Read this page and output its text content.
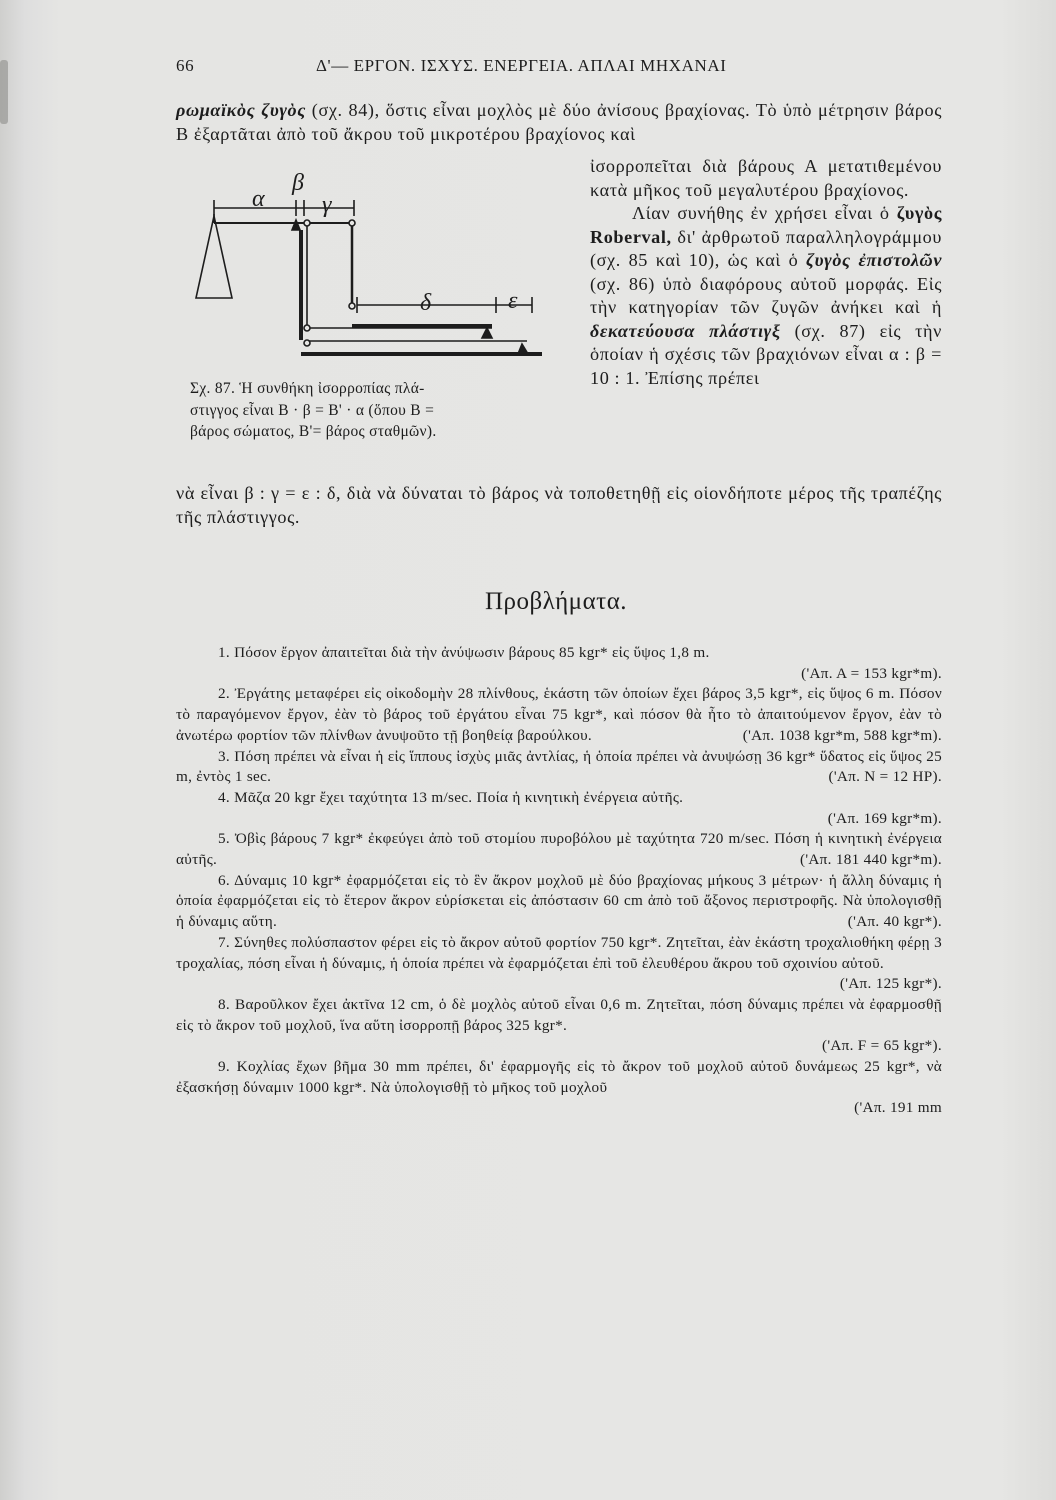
66	Δ'— ΕΡΓΟΝ. ΙΣΧΥΣ. ΕΝΕΡΓΕΙΑ. ΑΠΛΑΙ ΜΗΧΑΝΑΙ

ρωμαϊκὸς ζυγὸς (σχ. 84), ὅστις εἶναι μοχλὸς μὲ δύο ἀνίσους βραχίονας. Τὸ ὑπὸ μέτρησιν βάρος Β ἐξαρτᾶται ἀπὸ τοῦ ἄκρου τοῦ μικροτέρου βραχίονος καὶ

α
β
γ
δ	ε
Σχ. 87. Ἡ συνθήκη ἰσορροπίας πλά-
στιγγος εἶναι Β · β = Β' · α (ὅπου Β =
βάρος σώματος, Β'= βάρος σταθμῶν).

ἰσορροπεῖται διὰ βάρους Α μετατιθεμένου κατὰ μῆκος τοῦ μεγαλυτέρου βραχίονος.

Λίαν συνήθης ἐν χρήσει εἶναι ὁ ζυγὸς Roberval, δι' ἀρθρωτοῦ παραλληλογράμμου (σχ. 85 καὶ 10), ὡς καὶ ὁ ζυγὸς ἐπιστολῶν (σχ. 86) ὑπὸ διαφόρους αὐτοῦ μορφάς. Εἰς τὴν κατηγορίαν τῶν ζυγῶν ἀνήκει καὶ ἡ δεκατεύουσα πλάστιγξ (σχ. 87) εἰς τὴν ὁποίαν ἡ σχέσις τῶν βραχιόνων εἶναι α : β = 10 : 1. Ἐπίσης πρέπει

νὰ εἶναι β : γ = ε : δ, διὰ νὰ δύναται τὸ βάρος νὰ τοποθετηθῇ εἰς οἱονδήποτε μέρος τῆς τραπέζης τῆς πλάστιγγος.

Προβλήματα.

1. Πόσον ἔργον ἀπαιτεῖται διὰ τὴν ἀνύψωσιν βάρους 85 kgr* εἰς ὕψος 1,8 m.
('Απ. Α = 153 kgr*m).

2. Ἐργάτης μεταφέρει εἰς οἰκοδομὴν 28 πλίνθους, ἑκάστη τῶν ὁποίων ἔχει βάρος 3,5 kgr*, εἰς ὕψος 6 m. Πόσον τὸ παραγόμενον ἔργον, ἐὰν τὸ βάρος τοῦ ἐργάτου εἶναι 75 kgr*, καὶ πόσον θὰ ἦτο τὸ ἀπαιτούμενον ἔργον, ἐὰν τὸ ἀνωτέρω φορτίον τῶν πλίνθων ἀνυψοῦτο τῇ βοηθείᾳ βαρούλκου.	('Απ. 1038 kgr*m, 588 kgr*m).

3. Πόση πρέπει νὰ εἶναι ἡ εἰς ἵππους ἰσχὺς μιᾶς ἀντλίας, ἡ ὁποία πρέπει νὰ ἀνυψώσῃ 36 kgr* ὕδατος εἰς ὕψος 25 m, ἐντὸς 1 sec.	('Απ. Ν = 12 ΗΡ).

4. Μᾶζα 20 kgr ἔχει ταχύτητα 13 m/sec. Ποία ἡ κινητικὴ ἐνέργεια αὐτῆς.
('Απ. 169 kgr*m).

5. Ὀβὶς βάρους 7 kgr* ἐκφεύγει ἀπὸ τοῦ στομίου πυροβόλου μὲ ταχύτητα 720 m/sec. Πόση ἡ κινητικὴ ἐνέργεια αὐτῆς.	('Απ. 181 440 kgr*m).

6. Δύναμις 10 kgr* ἐφαρμόζεται εἰς τὸ ἓν ἄκρον μοχλοῦ μὲ δύο βραχίονας μήκους 3 μέτρων· ἡ ἄλλη δύναμις ἡ ὁποία ἐφαρμόζεται εἰς τὸ ἕτερον ἄκρον εὑρίσκεται εἰς ἀπόστασιν 60 cm ἀπὸ τοῦ ἄξονος περιστροφῆς. Νὰ ὑπολογισθῇ ἡ δύναμις αὕτη.	('Απ. 40 kgr*).

7. Σύνηθες πολύσπαστον φέρει εἰς τὸ ἄκρον αὐτοῦ φορτίον 750 kgr*. Ζητεῖται, ἐὰν ἑκάστη τροχαλιοθήκη φέρῃ 3 τροχαλίας, πόση εἶναι ἡ δύναμις, ἡ ὁποία πρέπει νὰ ἐφαρμόζεται ἐπὶ τοῦ ἐλευθέρου ἄκρου τοῦ σχοινίου αὐτοῦ.
('Απ. 125 kgr*).

8. Βαροῦλκον ἔχει ἀκτῖνα 12 cm, ὁ δὲ μοχλὸς αὐτοῦ εἶναι 0,6 m. Ζητεῖται, πόση δύναμις πρέπει νὰ ἐφαρμοσθῇ εἰς τὸ ἄκρον τοῦ μοχλοῦ, ἵνα αὕτη ἰσορροπῇ βάρος 325 kgr*.
('Απ. F = 65 kgr*).

9. Κοχλίας ἔχων βῆμα 30 mm πρέπει, δι' ἐφαρμογῆς εἰς τὸ ἄκρον τοῦ μοχλοῦ αὐτοῦ δυνάμεως 25 kgr*, νὰ ἐξασκήσῃ δύναμιν 1000 kgr*. Νὰ ὑπολογισθῇ τὸ μῆκος τοῦ μοχλοῦ
('Απ. 191 mm
